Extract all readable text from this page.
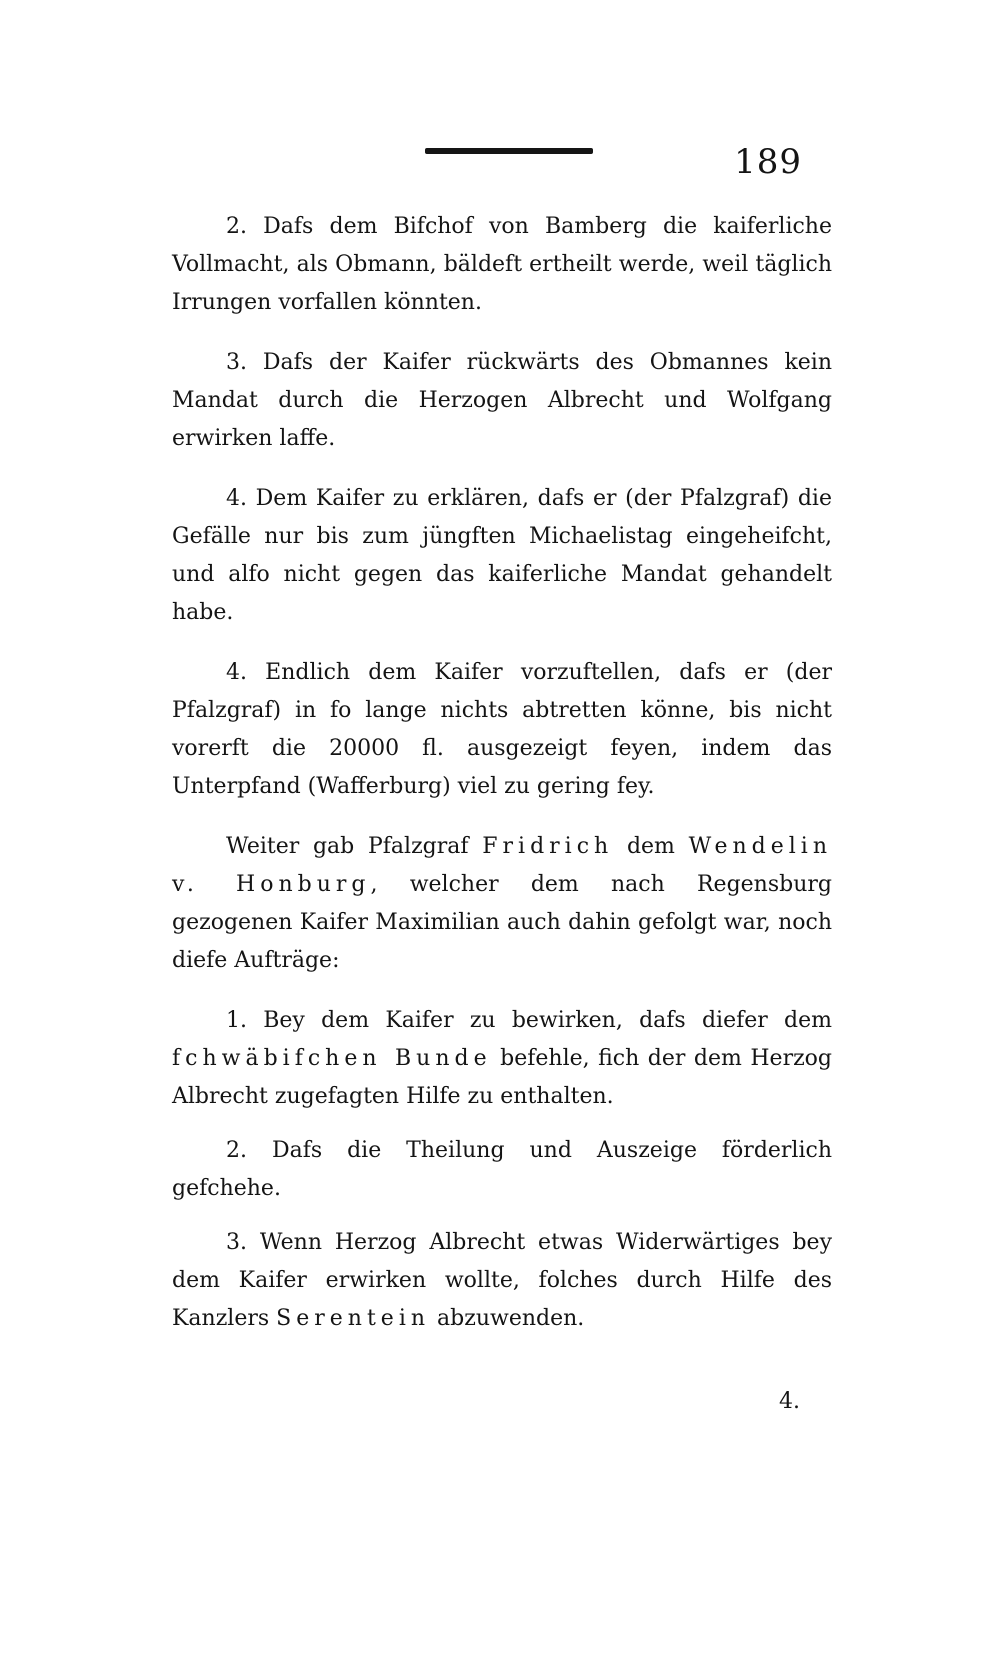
189

2. Dafs dem Bifchof von Bamberg die kaiferliche Vollmacht, als Obmann, bäldeft ertheilt werde, weil täglich Irrungen vorfallen könnten.

3. Dafs der Kaifer rückwärts des Obmannes kein Mandat durch die Herzogen Albrecht und Wolfgang erwirken laffe.

4. Dem Kaifer zu erklären, dafs er (der Pfalzgraf) die Gefälle nur bis zum jüngften Michaelistag eingeheifcht, und alfo nicht gegen das kaiferliche Mandat gehandelt habe.

4. Endlich dem Kaifer vorzuftellen, dafs er (der Pfalzgraf) in fo lange nichts abtretten könne, bis nicht vorerft die 20000 fl. ausgezeigt feyen, indem das Unterpfand (Wafferburg) viel zu gering fey.

Weiter gab Pfalzgraf Fridrich dem Wendelin v. Honburg, welcher dem nach Regensburg gezogenen Kaifer Maximilian auch dahin gefolgt war, noch diefe Aufträge:

1. Bey dem Kaifer zu bewirken, dafs diefer dem fchwäbifchen Bunde befehle, fich der dem Herzog Albrecht zugefagten Hilfe zu enthalten.

2. Dafs die Theilung und Auszeige förderlich gefchehe.

3. Wenn Herzog Albrecht etwas Widerwärtiges bey dem Kaifer erwirken wollte, folches durch Hilfe des Kanzlers Serentein abzuwenden.

4.
